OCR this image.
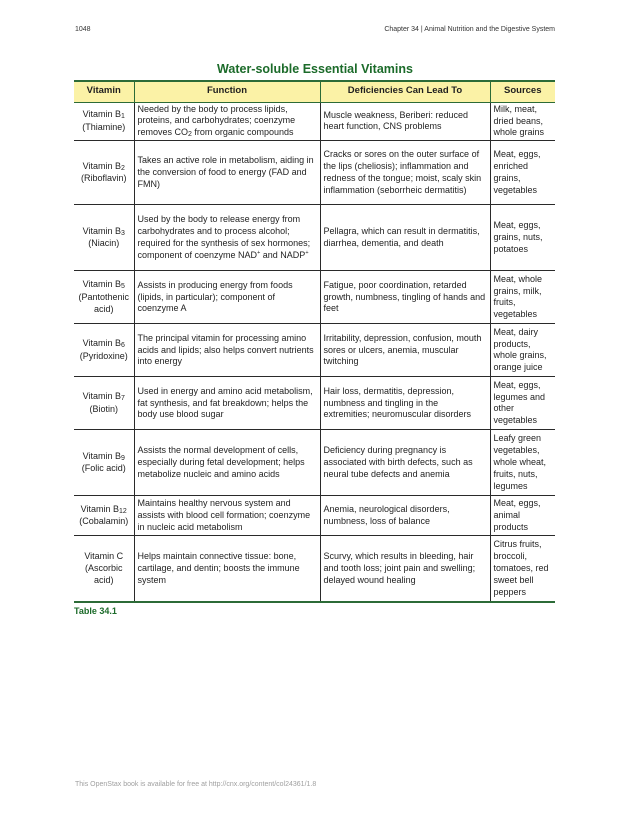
1048	Chapter 34 | Animal Nutrition and the Digestive System
Water-soluble Essential Vitamins
Vitamin	Function	Deficiencies Can Lead To	Sources
Vitamin B1
(Thiamine)	Needed by the body to process lipids, proteins, and carbohydrates; coenzyme removes CO2 from organic compounds	Muscle weakness, Beriberi: reduced heart function, CNS problems	Milk, meat, dried beans, whole grains
Vitamin B2
(Riboflavin)	Takes an active role in metabolism, aiding in the conversion of food to energy (FAD and FMN)	Cracks or sores on the outer surface of the lips (cheliosis); inflammation and redness of the tongue; moist, scaly skin inflammation (seborrheic dermatitis)	Meat, eggs, enriched grains, vegetables
Vitamin B3
(Niacin)	Used by the body to release energy from carbohydrates and to process alcohol; required for the synthesis of sex hormones; component of coenzyme NAD+ and NADP+	Pellagra, which can result in dermatitis, diarrhea, dementia, and death	Meat, eggs, grains, nuts, potatoes
Vitamin B5
(Pantothenic acid)	Assists in producing energy from foods (lipids, in particular); component of coenzyme A	Fatigue, poor coordination, retarded growth, numbness, tingling of hands and feet	Meat, whole grains, milk, fruits, vegetables
Vitamin B6
(Pyridoxine)	The principal vitamin for processing amino acids and lipids; also helps convert nutrients into energy	Irritability, depression, confusion, mouth sores or ulcers, anemia, muscular twitching	Meat, dairy products, whole grains, orange juice
Vitamin B7
(Biotin)	Used in energy and amino acid metabolism, fat synthesis, and fat breakdown; helps the body use blood sugar	Hair loss, dermatitis, depression, numbness and tingling in the extremities; neuromuscular disorders	Meat, eggs, legumes and other vegetables
Vitamin B9
(Folic acid)	Assists the normal development of cells, especially during fetal development; helps metabolize nucleic and amino acids	Deficiency during pregnancy is associated with birth defects, such as neural tube defects and anemia	Leafy green vegetables, whole wheat, fruits, nuts, legumes
Vitamin B12
(Cobalamin)	Maintains healthy nervous system and assists with blood cell formation; coenzyme in nucleic acid metabolism	Anemia, neurological disorders, numbness, loss of balance	Meat, eggs, animal products
Vitamin C
(Ascorbic acid)	Helps maintain connective tissue: bone, cartilage, and dentin; boosts the immune system	Scurvy, which results in bleeding, hair and tooth loss; joint pain and swelling; delayed wound healing	Citrus fruits, broccoli, tomatoes, red sweet bell peppers
Table 34.1
This OpenStax book is available for free at http://cnx.org/content/col24361/1.8
